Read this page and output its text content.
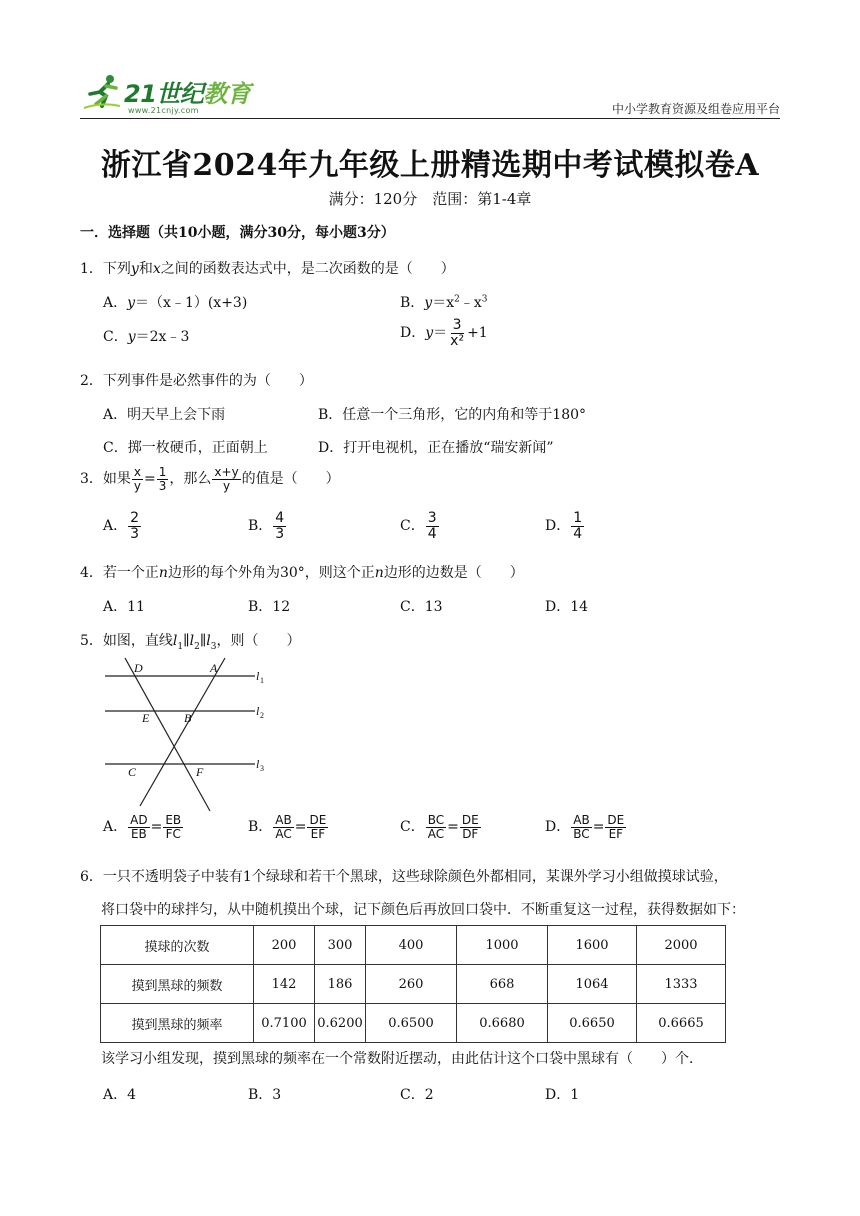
21世纪教育
www.21cnjy.com	中小学教育资源及组卷应用平台
浙江省2024年九年级上册精选期中考试模拟卷A
满分：120分　范围：第1-4章
一．选择题（共10小题，满分30分，每小题3分）
1．下列y和x之间的函数表达式中，是二次函数的是（　　）
A．y＝（x﹣1）(x+3)	B．$y=x^2﹣x^3$
C．y＝2x﹣3	D．$y= \frac{3}{\text{x²}} +1$
2．下列事件是必然事件的为（　　）
A．明天早上会下雨	B．任意一个三角形，它的内角和等于180°
C．掷一枚硬币，正面朝上	D．打开电视机，正在播放“瑞安新闻”
3．如果 $\frac{x}{y} = \frac{1}{3}$ ，那么 $\frac{x+y}{y}$ 的值是（　　）
A． $\frac{2}{3}$	B． $\frac{4}{3}$	C． $\frac{3}{4}$	D． $\frac{1}{4}$
4．若一个正n边形的每个外角为30°，则这个正n边形的边数是（　　）
A．11	B．12	C．13	D．14
5．如图，直线$l_1\parallel l_2\parallel l_3$，则（　　）
D	A
E	B
C	F
l 1
l 2
l 3
A． $\frac{AD}{EB} = \frac{EB}{FC}$	B． $\frac{AB}{AC} = \frac{DE}{EF}$	C． $\frac{BC}{AC} = \frac{DE}{DF}$	D． $\frac{AB}{BC} = \frac{DE}{EF}$
6．一只不透明袋子中装有1个绿球和若干个黑球，这些球除颜色外都相同，某课外学习小组做摸球试验，
将口袋中的球拌匀，从中随机摸出个球，记下颜色后再放回口袋中．不断重复这一过程，获得数据如下：
摸球的次数	200	300	400	1000	1600	2000
摸到黑球的频数	142	186	260	668	1064	1333
摸到黑球的频率	0.7100	0.6200	0.6500	0.6680	0.6650	0.6665
该学习小组发现，摸到黑球的频率在一个常数附近摆动，由此估计这个口袋中黑球有（　　）个．
A．4	B．3	C．2	D．1
